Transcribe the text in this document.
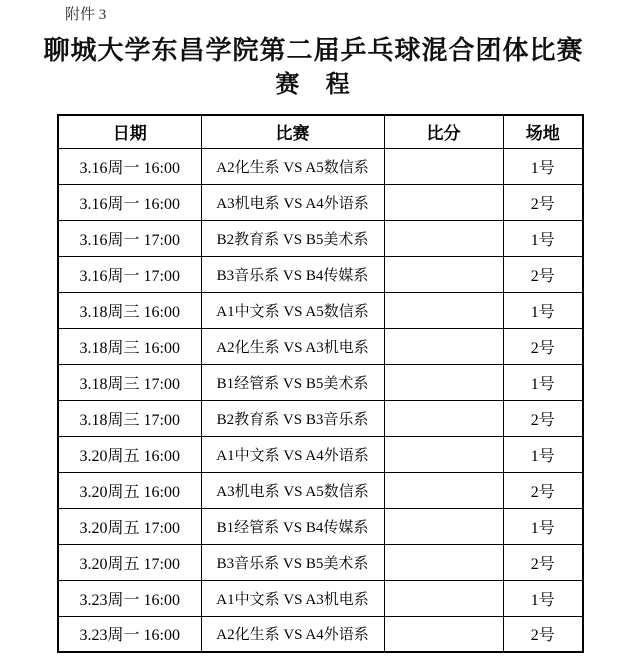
附件 3
聊城大学东昌学院第二届乒乓球混合团体比赛
赛 程
日期	比赛	比分	场地
3.16周一 16:00	A2化生系 VS A5数信系		1号
3.16周一 16:00	A3机电系 VS A4外语系		2号
3.16周一 17:00	B2教育系 VS B5美术系		1号
3.16周一 17:00	B3音乐系 VS B4传媒系		2号
3.18周三 16:00	A1中文系 VS A5数信系		1号
3.18周三 16:00	A2化生系 VS A3机电系		2号
3.18周三 17:00	B1经管系 VS B5美术系		1号
3.18周三 17:00	B2教育系 VS B3音乐系		2号
3.20周五 16:00	A1中文系 VS A4外语系		1号
3.20周五 16:00	A3机电系 VS A5数信系		2号
3.20周五 17:00	B1经管系 VS B4传媒系		1号
3.20周五 17:00	B3音乐系 VS B5美术系		2号
3.23周一 16:00	A1中文系 VS A3机电系		1号
3.23周一 16:00	A2化生系 VS A4外语系		2号
